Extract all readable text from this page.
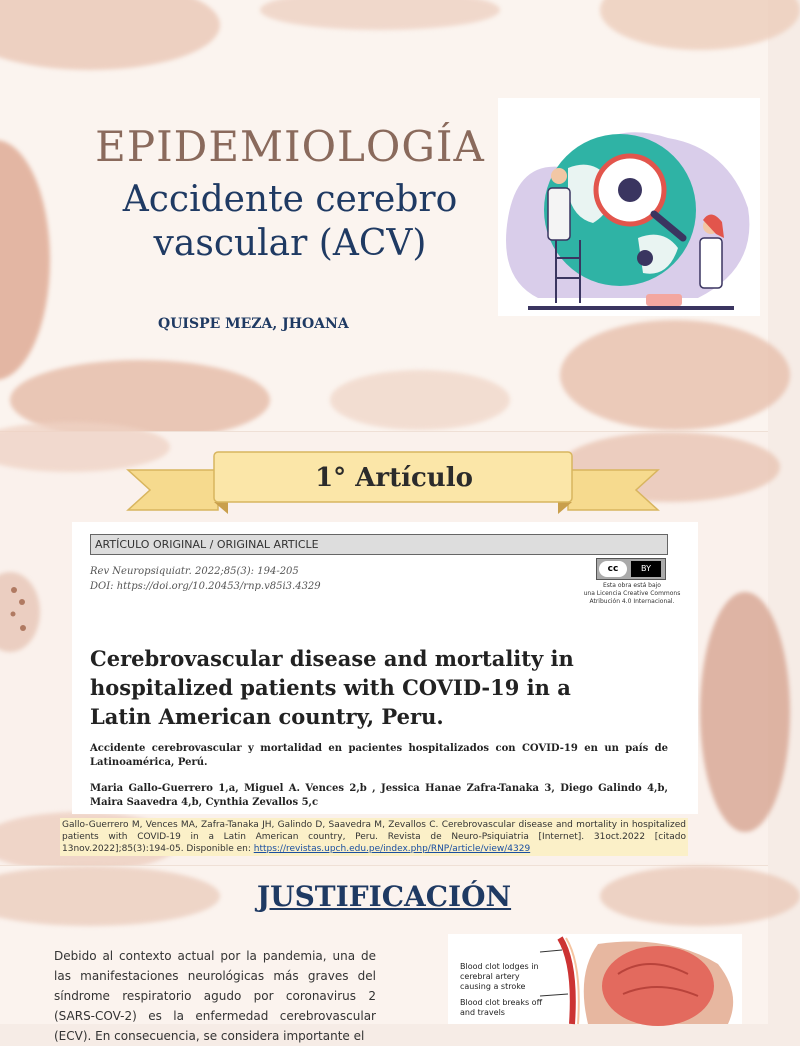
EPIDEMIOLOGÍA
Accidente cerebro
vascular (ACV)
QUISPE MEZA, JHOANA
1° Artículo
ARTÍCULO ORIGINAL / ORIGINAL ARTICLE
Rev Neuropsiquiatr. 2022;85(3): 194-205
DOI: https://doi.org/10.20453/rnp.v85i3.4329
cc	BY
Esta obra está bajo
una Licencia Creative Commons
Atribución 4.0 Internacional.
Cerebrovascular disease and mortality in
hospitalized patients with COVID-19 in a
Latin American country, Peru.
Accidente cerebrovascular y mortalidad en pacientes hospitalizados con COVID-19 en un país de Latinoamérica, Perú.
Maria Gallo-Guerrero 1,a, Miguel A. Vences 2,b , Jessica Hanae Zafra-Tanaka 3, Diego Galindo 4,b, Maira Saavedra 4,b, Cynthia Zevallos 5,c
Gallo-Guerrero M, Vences MA, Zafra-Tanaka JH, Galindo D, Saavedra M, Zevallos C. Cerebrovascular disease and mortality in hospitalized patients with COVID-19 in a Latin American country, Peru. Revista de Neuro-Psiquiatria [Internet]. 31oct.2022 [citado 13nov.2022];85(3):194-05. Disponible en: https://revistas.upch.edu.pe/index.php/RNP/article/view/4329
JUSTIFICACIÓN
Debido al contexto actual por la pandemia, una de las manifestaciones neurológicas más graves del síndrome respiratorio agudo por coronavirus 2 (SARS-COV-2) es la enfermedad cerebrovascular (ECV). En consecuencia, se considera importante el
Blood clot lodges in cerebral artery causing a stroke
Blood clot breaks off and travels
